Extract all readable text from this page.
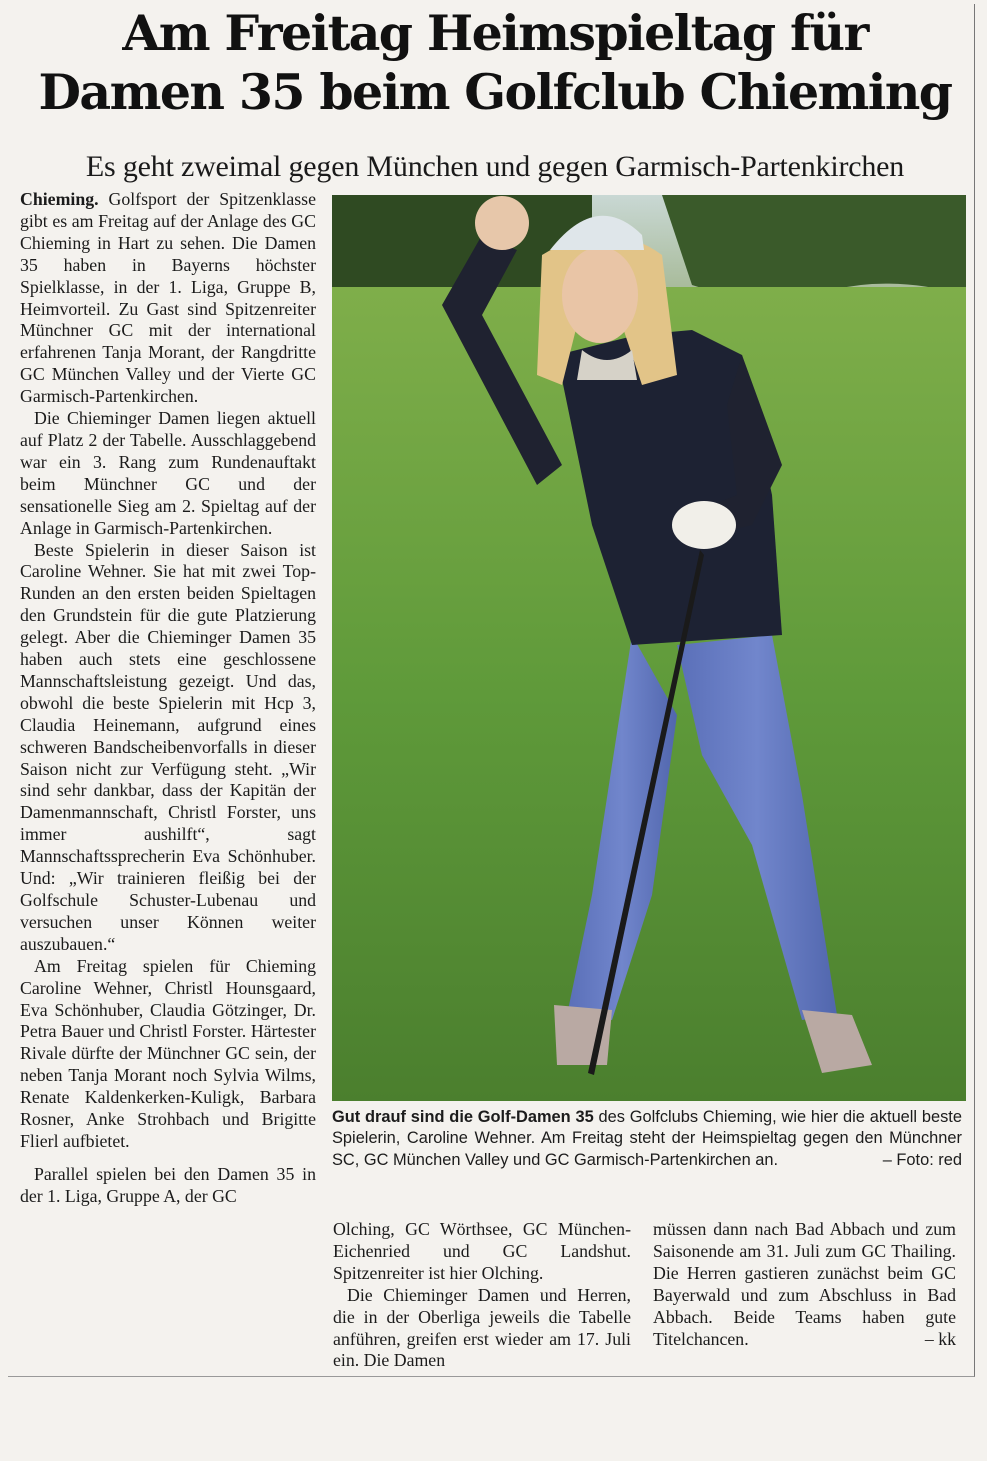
Am Freitag Heimspieltag für
Damen 35 beim Golfclub Chieming
Es geht zweimal gegen München und gegen Garmisch-Partenkirchen

Chieming. Golfsport der Spitzenklasse gibt es am Freitag auf der Anlage des GC Chieming in Hart zu sehen. Die Damen 35 haben in Bayerns höchster Spielklasse, in der 1. Liga, Gruppe B, Heimvorteil. Zu Gast sind Spitzenreiter Münchner GC mit der international erfahrenen Tanja Morant, der Rangdritte GC München Valley und der Vierte GC Garmisch-Partenkirchen.

Die Chieminger Damen liegen aktuell auf Platz 2 der Tabelle. Ausschlaggebend war ein 3. Rang zum Rundenauftakt beim Münchner GC und der sensationelle Sieg am 2. Spieltag auf der Anlage in Garmisch-Partenkirchen.

Beste Spielerin in dieser Saison ist Caroline Wehner. Sie hat mit zwei Top-Runden an den ersten beiden Spieltagen den Grundstein für die gute Platzierung gelegt. Aber die Chieminger Damen 35 haben auch stets eine geschlossene Mannschaftsleistung gezeigt. Und das, obwohl die beste Spielerin mit Hcp 3, Claudia Heinemann, aufgrund eines schweren Bandscheibenvorfalls in dieser Saison nicht zur Verfügung steht. „Wir sind sehr dankbar, dass der Kapitän der Damenmannschaft, Christl Forster, uns immer aushilft“, sagt Mannschaftssprecherin Eva Schönhuber. Und: „Wir trainieren fleißig bei der Golfschule Schuster-Lubenau und versuchen unser Können weiter auszubauen.“

Am Freitag spielen für Chieming Caroline Wehner, Christl Hounsgaard, Eva Schönhuber, Claudia Götzinger, Dr. Petra Bauer und Christl Forster. Härtester Rivale dürfte der Münchner GC sein, der neben Tanja Morant noch Sylvia Wilms, Renate Kaldenkerken-Kuligk, Barbara Rosner, Anke Strohbach und Brigitte Flierl aufbietet.

Parallel spielen bei den Damen 35 in der 1. Liga, Gruppe A, der GC

Gut drauf sind die Golf-Damen 35 des Golfclubs Chieming, wie hier die aktuell beste Spielerin, Caroline Wehner. Am Freitag steht der Heimspieltag gegen den Münchner SC, GC München Valley und GC Garmisch-Partenkirchen an.	– Foto: red

Olching, GC Wörthsee, GC München-Eichenried und GC Landshut. Spitzenreiter ist hier Olching.

Die Chieminger Damen und Herren, die in der Oberliga jeweils die Tabelle anführen, greifen erst wieder am 17. Juli ein. Die Damen

müssen dann nach Bad Abbach und zum Saisonende am 31. Juli zum GC Thailing. Die Herren gastieren zunächst beim GC Bayerwald und zum Abschluss in Bad Abbach. Beide Teams haben gute Titelchancen.	– kk
